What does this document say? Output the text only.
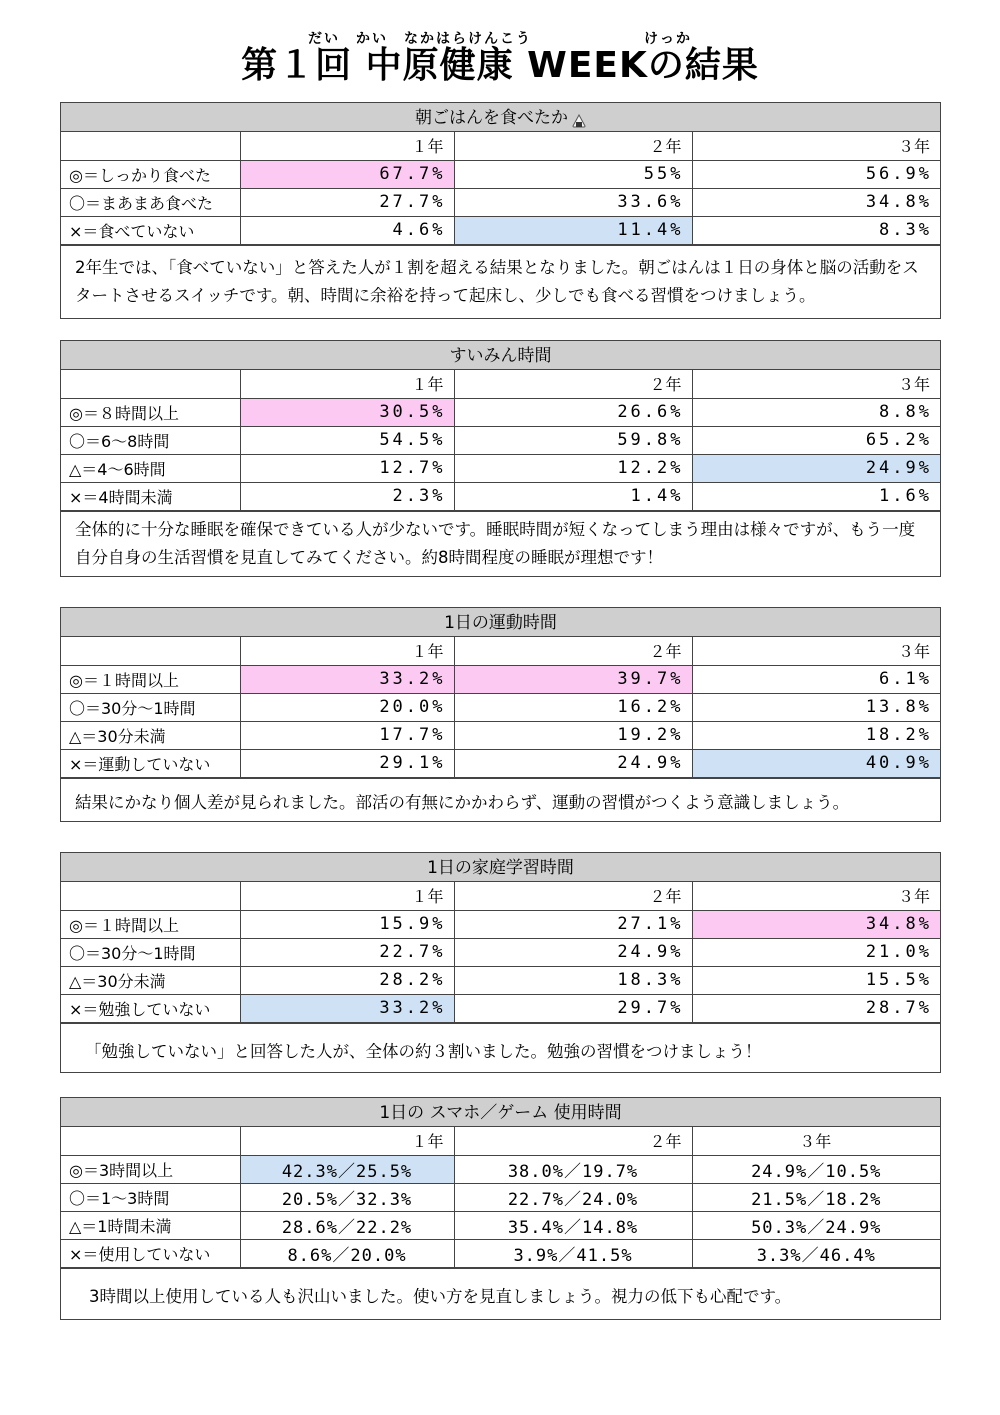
だい　かい　なかはらけんこう　　　　　　　けっか
第１回 中原健康 WEEKの結果
朝ごはんを食べたか
	１年	２年	３年
◎＝しっかり食べた	67.7%	55%	56.9%
〇＝まあまあ食べた	27.7%	33.6%	34.8%
×＝食べていない	4.6%	11.4%	8.3%
2年生では、「食べていない」と答えた人が１割を超える結果となりました。朝ごはんは１日の身体と脳の活動をスタートさせるスイッチです。朝、時間に余裕を持って起床し、少しでも食べる習慣をつけましょう。
すいみん時間
	１年	２年	３年
◎＝８時間以上	30.5%	26.6%	8.8%
〇＝6～8時間	54.5%	59.8%	65.2%
△＝4～6時間	12.7%	12.2%	24.9%
×＝4時間未満	2.3%	1.4%	1.6%
全体的に十分な睡眠を確保できている人が少ないです。睡眠時間が短くなってしまう理由は様々ですが、もう一度自分自身の生活習慣を見直してみてください。約8時間程度の睡眠が理想です！
1日の運動時間
	１年	２年	３年
◎＝１時間以上	33.2%	39.7%	6.1%
〇＝30分～1時間	20.0%	16.2%	13.8%
△＝30分未満	17.7%	19.2%	18.2%
×＝運動していない	29.1%	24.9%	40.9%
結果にかなり個人差が見られました。部活の有無にかかわらず、運動の習慣がつくよう意識しましょう。
1日の家庭学習時間
	１年	２年	３年
◎＝１時間以上	15.9%	27.1%	34.8%
〇＝30分～1時間	22.7%	24.9%	21.0%
△＝30分未満	28.2%	18.3%	15.5%
×＝勉強していない	33.2%	29.7%	28.7%
「勉強していない」と回答した人が、全体の約３割いました。勉強の習慣をつけましょう！
1日の スマホ／ゲーム 使用時間
	１年	２年	３年
◎＝3時間以上	42.3%／25.5%	38.0%／19.7%	24.9%／10.5%
〇＝1～3時間	20.5%／32.3%	22.7%／24.0%	21.5%／18.2%
△＝1時間未満	28.6%／22.2%	35.4%／14.8%	50.3%／24.9%
×＝使用していない	8.6%／20.0%	3.9%／41.5%	3.3%／46.4%
3時間以上使用している人も沢山いました。使い方を見直しましょう。視力の低下も心配です。
